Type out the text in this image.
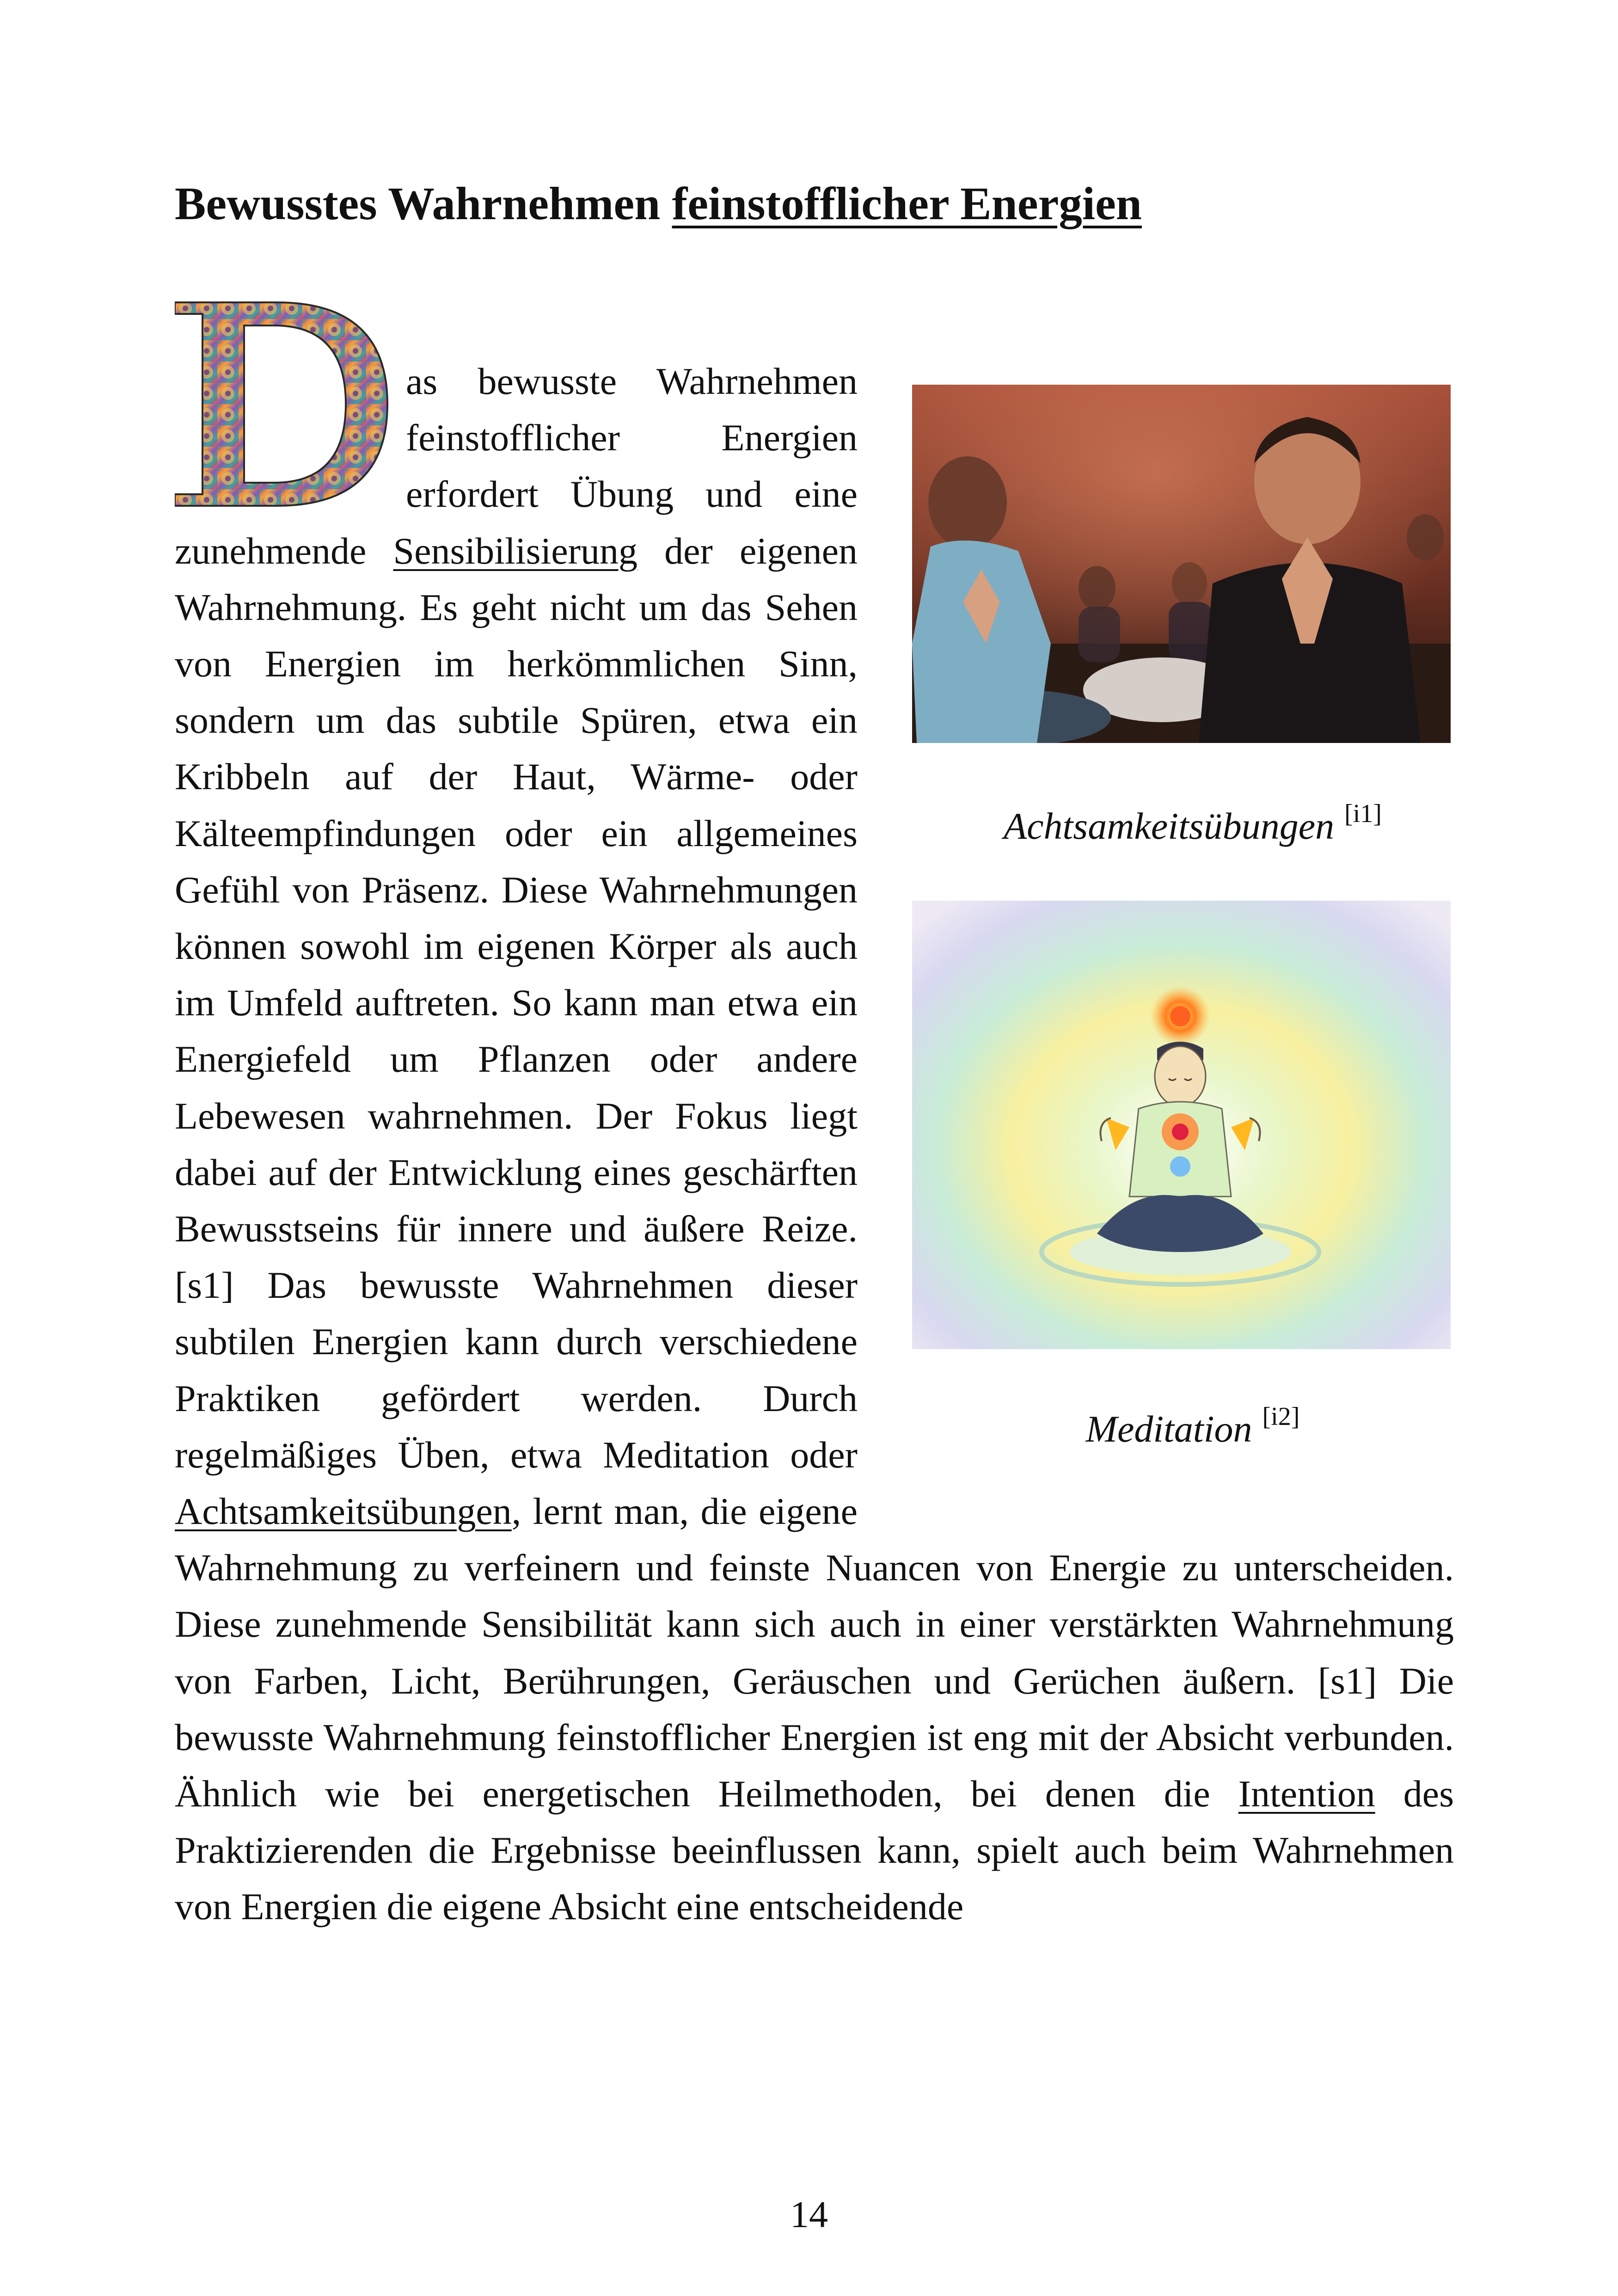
Bewusstes Wahrnehmen feinstofflicher Energien
Achtsamkeitsübungen [i1]
Meditation [i2]

as bewusste Wahrnehmen feinstofflicher Energien erfordert Übung und eine zunehmende Sensibilisierung der eigenen Wahrnehmung. Es geht nicht um das Sehen von Energien im herkömmlichen Sinn, sondern um das subtile Spüren, etwa ein Kribbeln auf der Haut, Wärme- oder Kälteempfindungen oder ein allgemeines Gefühl von Präsenz. Diese Wahrnehmungen können sowohl im eigenen Körper als auch im Umfeld auftreten. So kann man etwa ein Energiefeld um Pflanzen oder andere Lebewesen wahrnehmen. Der Fokus liegt dabei auf der Entwicklung eines geschärften Bewusstseins für innere und äußere Reize. [s1] Das bewusste Wahrnehmen dieser subtilen Energien kann durch verschiedene Praktiken gefördert werden. Durch regelmäßiges Üben, etwa Meditation oder Achtsamkeitsübungen, lernt man, die eigene Wahrnehmung zu verfeinern und feinste Nuancen von Energie zu unterscheiden. Diese zunehmende Sensibilität kann sich auch in einer verstärkten Wahrnehmung von Farben, Licht, Berührungen, Geräuschen und Gerüchen äußern. [s1] Die bewusste Wahrnehmung feinstofflicher Energien ist eng mit der Absicht verbunden. Ähnlich wie bei energetischen Heilmethoden, bei denen die Intention des Praktizierenden die Ergebnisse beeinflussen kann, spielt auch beim Wahrnehmen von Energien die eigene Absicht eine entscheidende

14
